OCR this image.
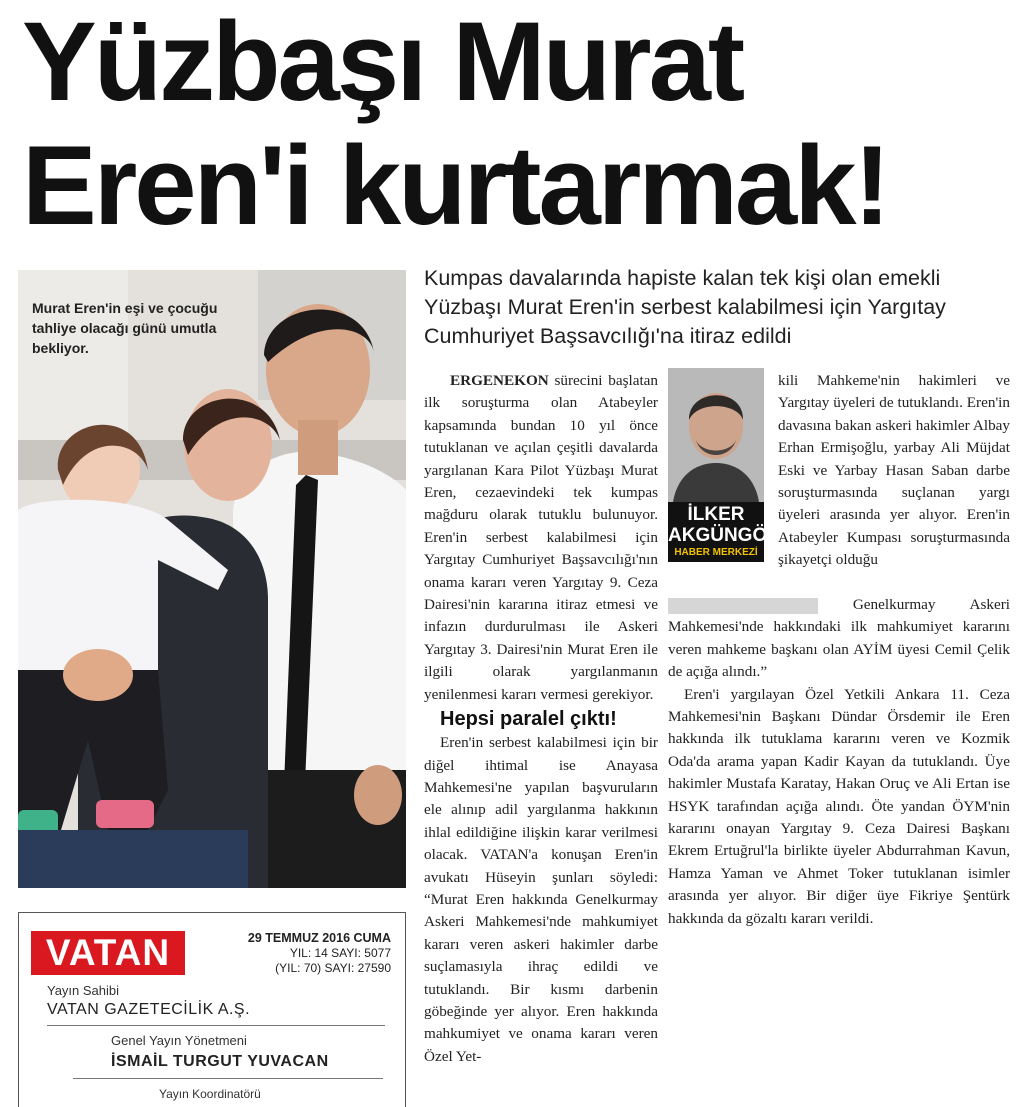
Yüzbaşı Murat
Eren'i kurtarmak!

Murat Eren'in eşi ve çocuğu tahliye olacağı günü umutla bekliyor.

Kumpas davalarında hapiste kalan tek kişi olan emekli Yüzbaşı Murat Eren'in serbest kalabilmesi için Yargıtay Cumhuriyet Başsavcılığı'na itiraz edildi

ERGENEKON sürecini başlatan ilk soruşturma olan Atabeyler kapsamında bundan 10 yıl önce tutuklanan ve açılan çeşitli davalarda yargılanan Kara Pilot Yüzbaşı Murat Eren, cezaevindeki tek kumpas mağduru olarak tutuklu bulunuyor. Eren'in serbest kalabilmesi için Yargıtay Cumhuriyet Başsavcılığı'nın onama kararı veren Yargıtay 9. Ceza Dairesi'nin kararına itiraz etmesi ve infazın durdurulması ile Askeri Yargıtay 3. Dairesi'nin Murat Eren ile ilgili olarak yargılanmanın yenilenmesi kararı vermesi gerekiyor.

Hepsi paralel çıktı!

Eren'in serbest kalabilmesi için bir diğel ihtimal ise Anayasa Mahkemesi'ne yapılan başvuruların ele alınıp adil yargılanma hakkının ihlal edildiğine ilişkin karar verilmesi olacak. VATAN'a konuşan Eren'in avukatı Hüseyin şunları söyledi: “Murat Eren hakkında Genelkurmay Askeri Mahkemesi'nde mahkumiyet kararı veren askeri hakimler darbe suçlamasıyla ihraç edildi ve tutuklandı. Bir kısmı darbenin göbeğinde yer alıyor. Eren hakkında mahkumiyet ve onama kararı veren Özel Yet-

İLKER
AKGÜNGÖR
HABER MERKEZİ

kili Mahkeme'nin hakimleri ve Yargıtay üyeleri de tutuklandı. Eren'in davasına bakan askeri hakimler Albay Erhan Ermişoğlu, yarbay Ali Müjdat Eski ve Yarbay Hasan Saban darbe soruşturmasında suçlanan yargı üyeleri arasında yer alıyor. Eren'in Atabeyler Kumpası soruşturmasında şikayetçi olduğu

Genelkurmay Askeri Mahkemesi'nde hakkındaki ilk mahkumiyet kararını veren mahkeme başkanı olan AYİM üyesi Cemil Çelik de açığa alındı.”

Eren'i yargılayan Özel Yetkili Ankara 11. Ceza Mahkemesi'nin Başkanı Dündar Örsdemir ile Eren hakkında ilk tutuklama kararını veren ve Kozmik Oda'da arama yapan Kadir Kayan da tutuklandı. Üye hakimler Mustafa Karatay, Hakan Oruç ve Ali Ertan ise HSYK tarafından açığa alındı. Öte yandan ÖYM'nin kararını onayan Yargıtay 9. Ceza Dairesi Başkanı Ekrem Ertuğrul'la birlikte üyeler Abdurrahman Kavun, Hamza Yaman ve Ahmet Toker tutuklanan isimler arasında yer alıyor. Bir diğer üye Fikriye Şentürk hakkında da gözaltı kararı verildi.

VATAN	29 TEMMUZ 2016 CUMA
YIL: 14 SAYI: 5077
(YIL: 70) SAYI: 27590
Yayın Sahibi
VATAN GAZETECİLİK A.Ş.
Genel Yayın Yönetmeni
İSMAİL TURGUT YUVACAN
Yayın Koordinatörü
